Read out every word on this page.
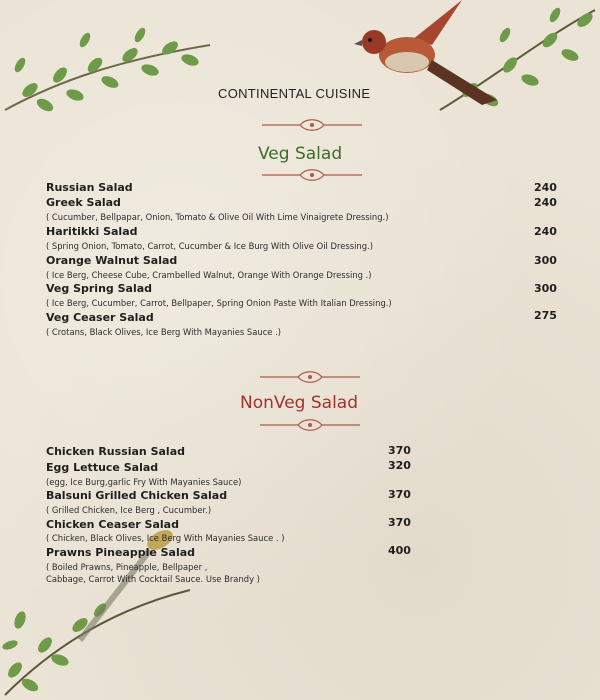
CONTINENTAL CUISINE
Veg Salad
Russian Salad	240
Greek Salad	240
( Cucumber, Bellpapar, Onion, Tomato & Olive Oil With Lime Vinaigrete Dressing.)
Haritikki Salad	240
( Spring Onion, Tomato, Carrot, Cucumber & Ice Burg With Olive Oil Dressing.)
Orange Walnut Salad	300
( Ice Berg, Cheese Cube, Crambelled Walnut, Orange With Orange Dressing .)
Veg Spring Salad	300
( Ice Berg, Cucumber, Carrot, Bellpaper, Spring Onion Paste With Italian Dressing.)
Veg Ceaser Salad	275
( Crotans, Black Olives, Ice Berg With Mayanies Sauce .)
NonVeg Salad
Chicken Russian Salad	370
Egg Lettuce Salad	320
(egg, Ice Burg,garlic Fry With Mayanies Sauce)
Balsuni Grilled Chicken Salad	370
( Grilled Chicken, Ice Berg , Cucumber.)
Chicken Ceaser Salad	370
( Chicken, Black Olives, Ice Berg With Mayanies Sauce . )
Prawns Pineapple Salad	400
( Boiled Prawns, Pineapple, Bellpaper ,
Cabbage, Carrot With Cocktail Sauce. Use Brandy )
